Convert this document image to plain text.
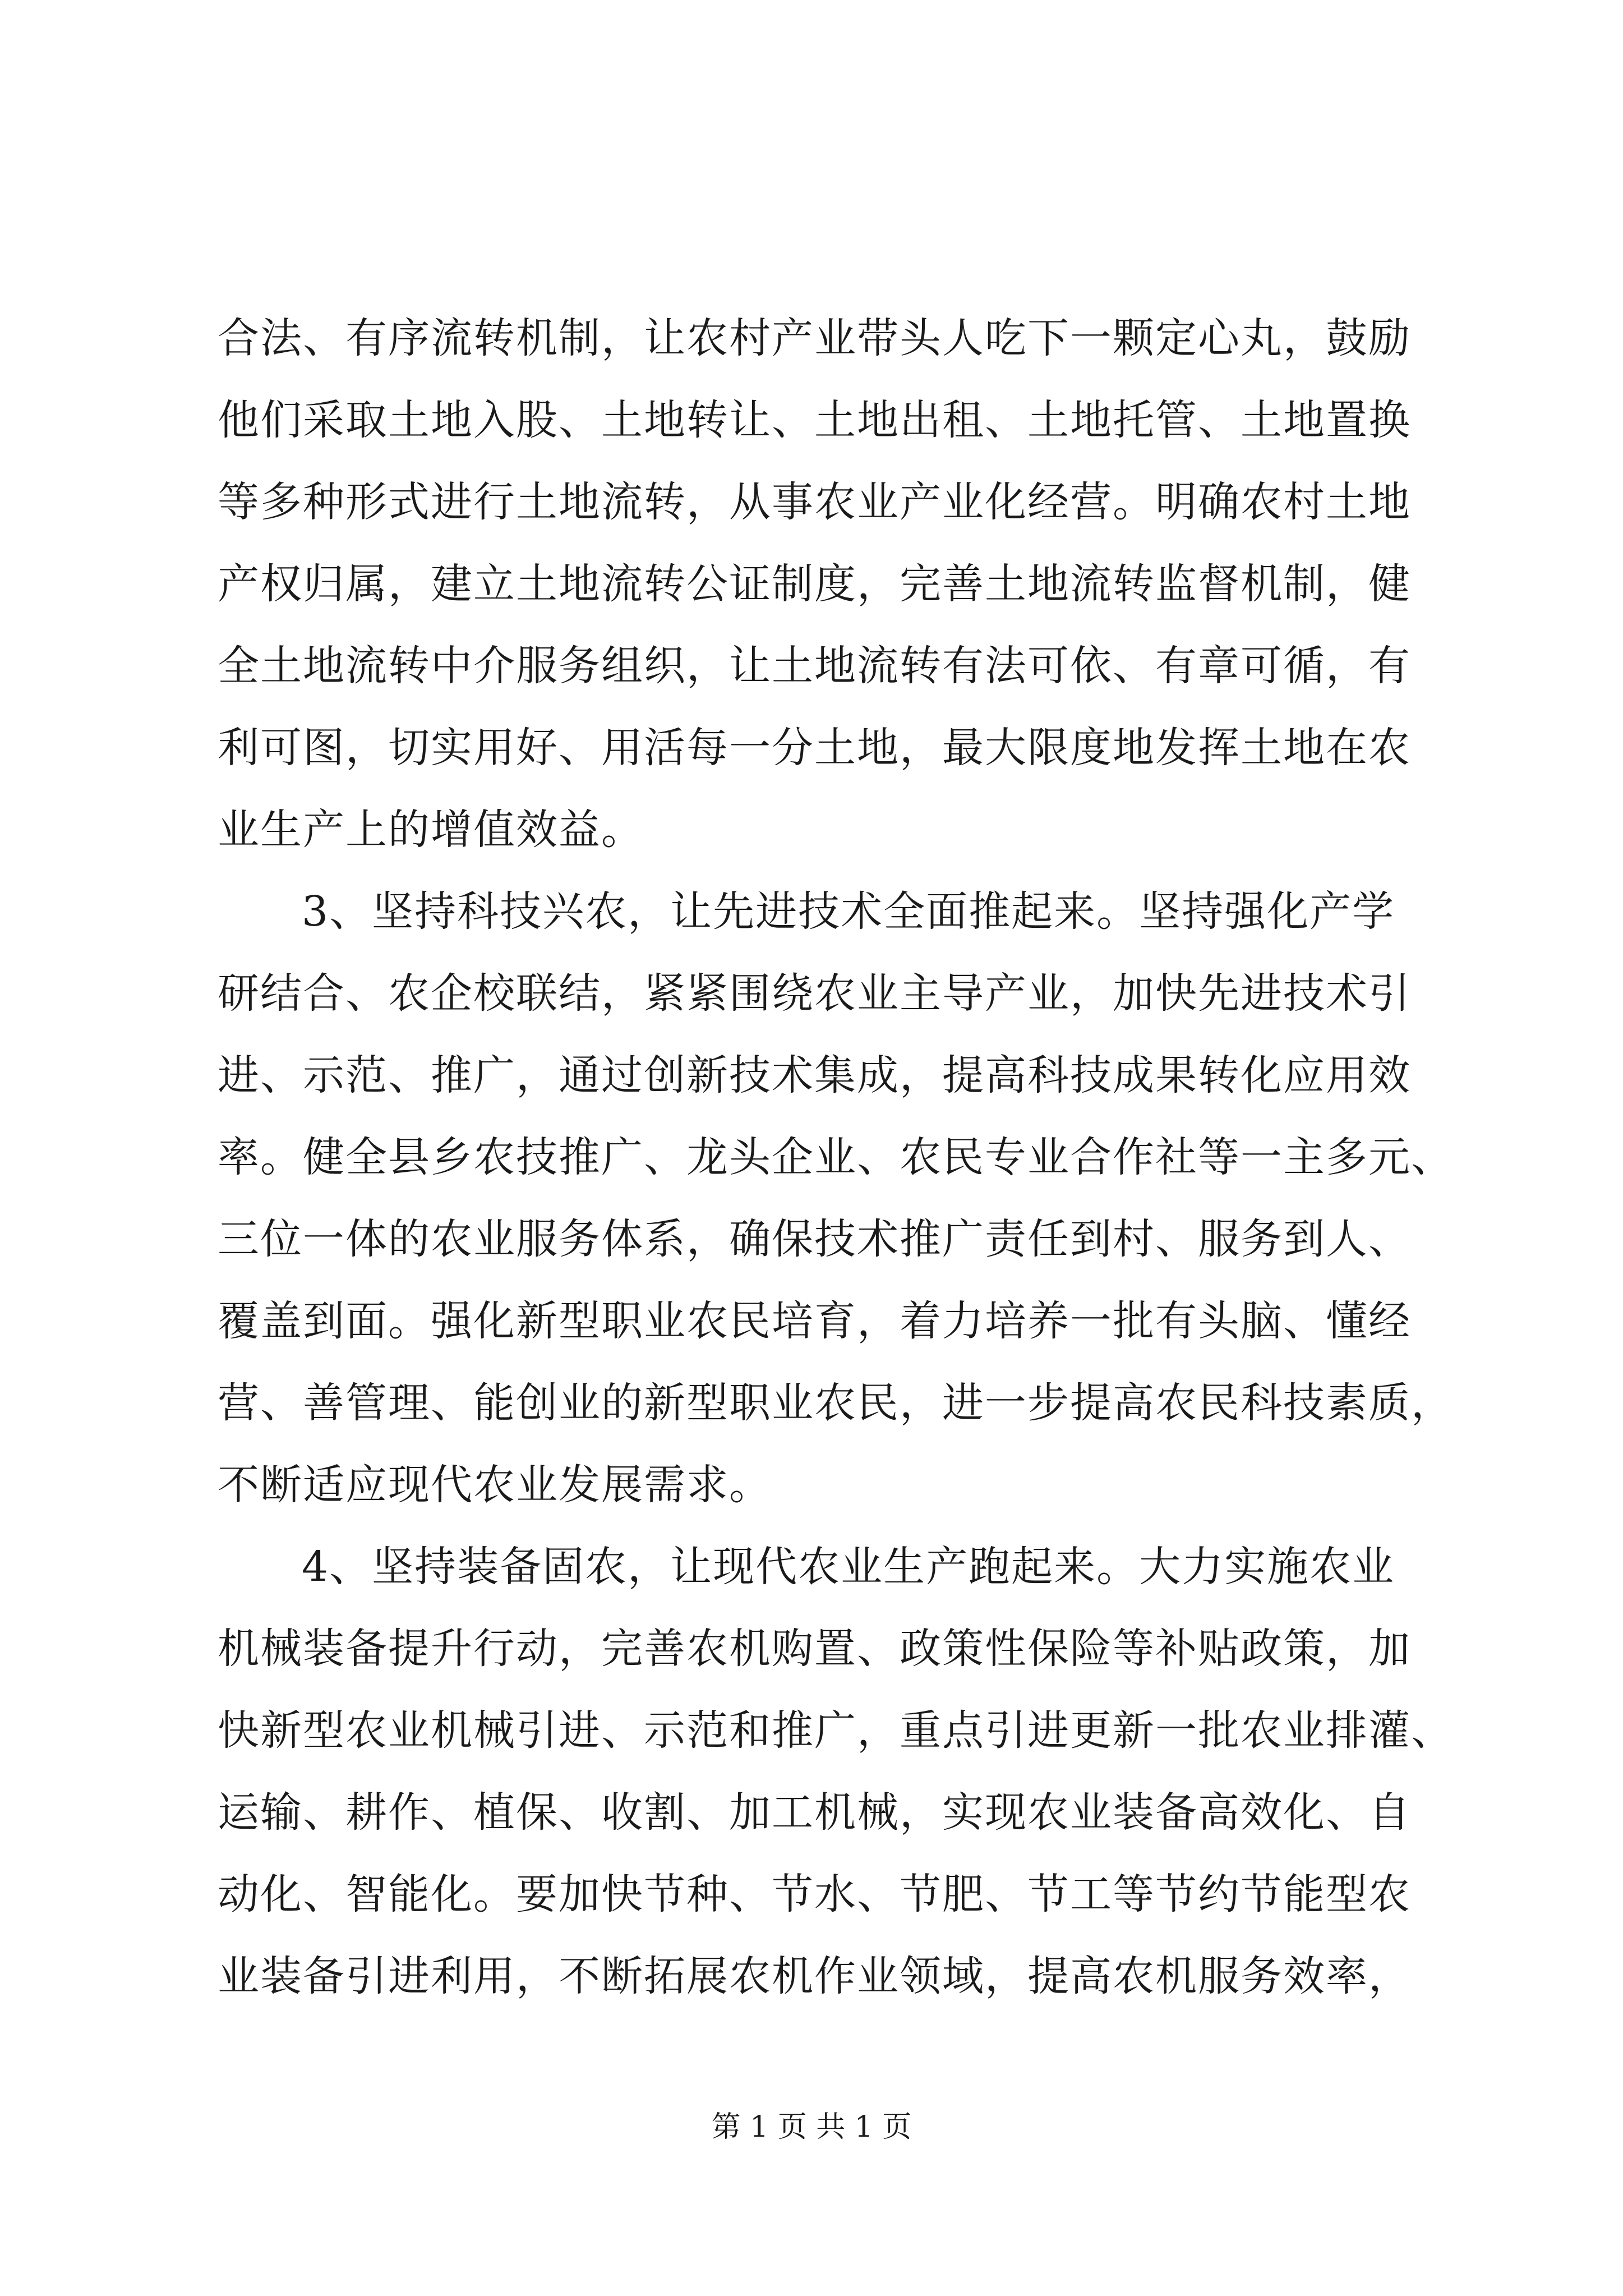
合法、有序流转机制，让农村产业带头人吃下一颗定心丸，鼓励
他们采取土地入股、土地转让、土地出租、土地托管、土地置换
等多种形式进行土地流转，从事农业产业化经营。明确农村土地
产权归属，建立土地流转公证制度，完善土地流转监督机制，健
全土地流转中介服务组织，让土地流转有法可依、有章可循，有
利可图，切实用好、用活每一分土地，最大限度地发挥土地在农
业生产上的增值效益。
3、坚持科技兴农，让先进技术全面推起来。坚持强化产学
研结合、农企校联结，紧紧围绕农业主导产业，加快先进技术引
进、示范、推广，通过创新技术集成，提高科技成果转化应用效
率。健全县乡农技推广、龙头企业、农民专业合作社等一主多元、
三位一体的农业服务体系，确保技术推广责任到村、服务到人、
覆盖到面。强化新型职业农民培育，着力培养一批有头脑、懂经
营、善管理、能创业的新型职业农民，进一步提高农民科技素质，
不断适应现代农业发展需求。
4、坚持装备固农，让现代农业生产跑起来。大力实施农业
机械装备提升行动，完善农机购置、政策性保险等补贴政策，加
快新型农业机械引进、示范和推广，重点引进更新一批农业排灌、
运输、耕作、植保、收割、加工机械，实现农业装备高效化、自
动化、智能化。要加快节种、节水、节肥、节工等节约节能型农
业装备引进利用，不断拓展农机作业领域，提高农机服务效率，
第 1 页 共 1 页
